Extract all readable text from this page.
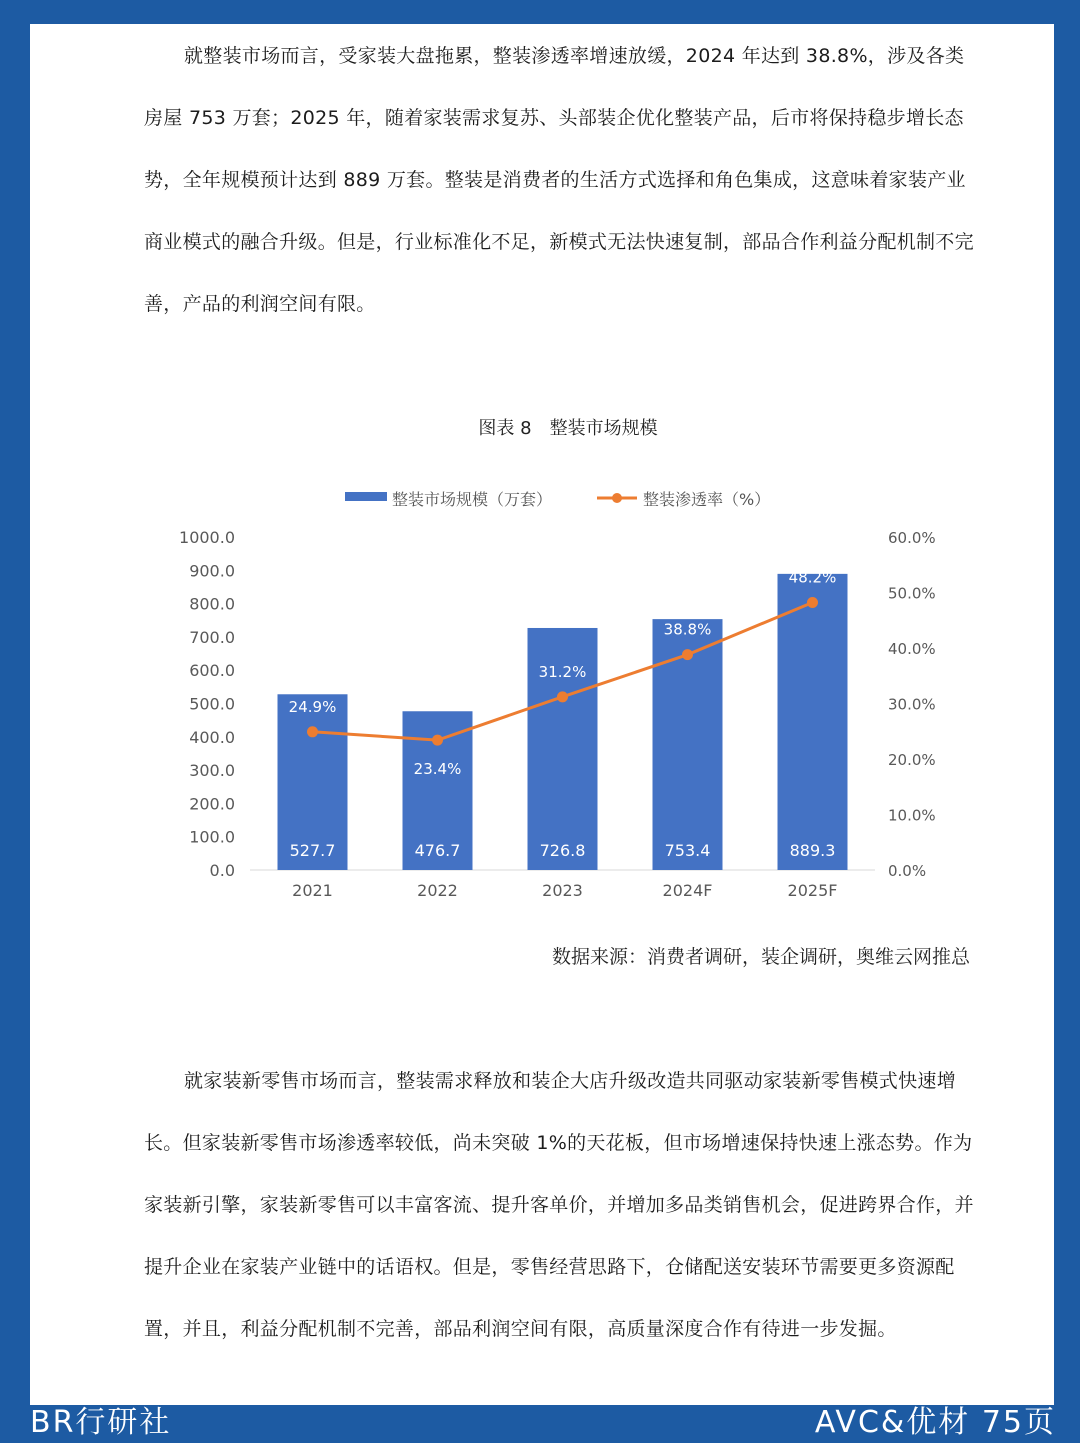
就整装市场而言，受家装大盘拖累，整装渗透率增速放缓，2024 年达到 38.8%，涉及各类房屋 753 万套；2025 年，随着家装需求复苏、头部装企优化整装产品，后市将保持稳步增长态势，全年规模预计达到 889 万套。整装是消费者的生活方式选择和角色集成，这意味着家装产业商业模式的融合升级。但是，行业标准化不足，新模式无法快速复制，部品合作利益分配机制不完善，产品的利润空间有限。

图表 8　整装市场规模
整装市场规模（万套）	整装渗透率（%）
0.0
100.0
200.0
300.0
400.0
500.0
600.0
700.0
800.0
900.0
1000.0
0.0%
10.0%
20.0%
30.0%
40.0%
50.0%
60.0%
527.7
2021
476.7
2022
726.8
2023
753.4
2024F
889.3
2025F
24.9%
23.4%
31.2%
38.8%
48.2%
数据来源：消费者调研，装企调研，奥维云网推总

就家装新零售市场而言，整装需求释放和装企大店升级改造共同驱动家装新零售模式快速增长。但家装新零售市场渗透率较低，尚未突破 1%的天花板，但市场增速保持快速上涨态势。作为家装新引擎，家装新零售可以丰富客流、提升客单价，并增加多品类销售机会，促进跨界合作，并提升企业在家装产业链中的话语权。但是，零售经营思路下，仓储配送安装环节需要更多资源配置，并且，利益分配机制不完善，部品利润空间有限，高质量深度合作有待进一步发掘。

BR行研社	AVC&优材 75页
